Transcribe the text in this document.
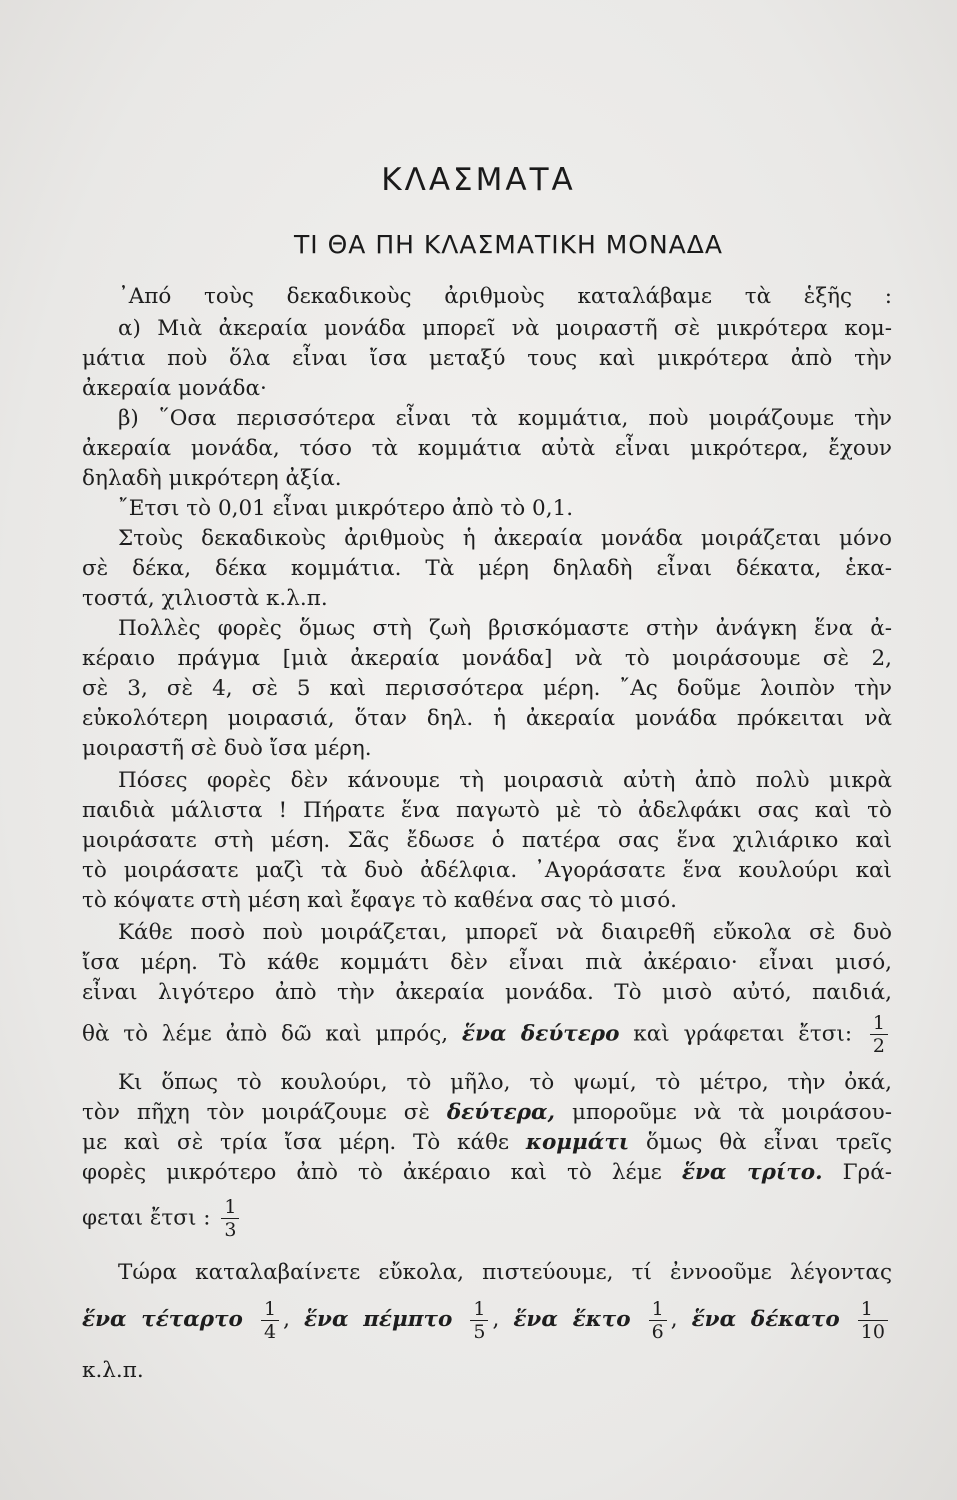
ΚΛΑΣΜΑΤΑ
ΤΙ ΘΑ ΠΗ ΚΛΑΣΜΑΤΙΚΗ ΜΟΝΑΔΑ
᾿Από τοὺς δεκαδικοὺς ἀριθμοὺς καταλάβαμε τὰ ἑξῆς :
α) Μιὰ ἀκεραία μονάδα μπορεῖ νὰ μοιραστῆ σὲ μικρότερα κομ-
μάτια ποὺ ὅλα εἶναι ἴσα μεταξύ τους καὶ μικρότερα ἀπὸ τὴν
ἀκεραία μονάδα·
β) ῞Οσα περισσότερα εἶναι τὰ κομμάτια, ποὺ μοιράζουμε τὴν
ἀκεραία μονάδα, τόσο τὰ κομμάτια αὐτὰ εἶναι μικρότερα, ἔχουν
δηλαδὴ μικρότερη ἀξία.
῎Ετσι τὸ 0,01 εἶναι μικρότερο ἀπὸ τὸ 0,1.
Στοὺς δεκαδικοὺς ἀριθμοὺς ἡ ἀκεραία μονάδα μοιράζεται μόνο
σὲ δέκα, δέκα κομμάτια. Τὰ μέρη δηλαδὴ εἶναι δέκατα, ἑκα-
τοστά, χιλιοστὰ κ.λ.π.
Πολλὲς φορὲς ὅμως στὴ ζωὴ βρισκόμαστε στὴν ἀνάγκη ἕνα ἀ-
κέραιο πράγμα [μιὰ ἀκεραία μονάδα] νὰ τὸ μοιράσουμε σὲ 2,
σὲ 3, σὲ 4, σὲ 5 καὶ περισσότερα μέρη. ῎Ας δοῦμε λοιπὸν τὴν
εὐκολότερη μοιρασιά, ὅταν δηλ. ἡ ἀκεραία μονάδα πρόκειται νὰ
μοιραστῆ σὲ δυὸ ἴσα μέρη.
Πόσες φορὲς δὲν κάνουμε τὴ μοιρασιὰ αὐτὴ ἀπὸ πολὺ μικρὰ
παιδιὰ μάλιστα ! Πήρατε ἕνα παγωτὸ μὲ τὸ ἀδελφάκι σας καὶ τὸ
μοιράσατε στὴ μέση. Σᾶς ἔδωσε ὁ πατέρα σας ἕνα χιλιάρικο καὶ
τὸ μοιράσατε μαζὶ τὰ δυὸ ἀδέλφια. ᾿Αγοράσατε ἕνα κουλούρι καὶ
τὸ κόψατε στὴ μέση καὶ ἔφαγε τὸ καθένα σας τὸ μισό.
Κάθε ποσὸ ποὺ μοιράζεται, μπορεῖ νὰ διαιρεθῆ εὔκολα σὲ δυὸ
ἴσα μέρη. Τὸ κάθε κομμάτι δὲν εἶναι πιὰ ἀκέραιο· εἶναι μισό,
εἶναι λιγότερο ἀπὸ τὴν ἀκεραία μονάδα. Τὸ μισὸ αὐτό, παιδιά,
θὰ τὸ λέμε ἀπὸ δῶ καὶ μπρός, ἕνα δεύτερο καὶ γράφεται ἔτσι: $\frac{1}{2}$
Κι ὅπως τὸ κουλούρι, τὸ μῆλο, τὸ ψωμί, τὸ μέτρο, τὴν ὀκά,
τὸν πῆχη τὸν μοιράζουμε σὲ δεύτερα, μποροῦμε νὰ τὰ μοιράσου-
με καὶ σὲ τρία ἴσα μέρη. Τὸ κάθε κομμάτι ὅμως θὰ εἶναι τρεῖς
φορὲς μικρότερο ἀπὸ τὸ ἀκέραιο καὶ τὸ λέμε ἕνα τρίτο. Γρά-
φεται ἔτσι : $\frac{1}{3}$
Τώρα καταλαβαίνετε εὔκολα, πιστεύουμε, τί ἐννοοῦμε λέγοντας
ἕνα τέταρτο $\frac{1}{4}$ , ἕνα πέμπτο $\frac{1}{5}$ , ἕνα ἕκτο $\frac{1}{6}$ , ἕνα δέκατο $\frac{1}{10}$
κ.λ.π.
